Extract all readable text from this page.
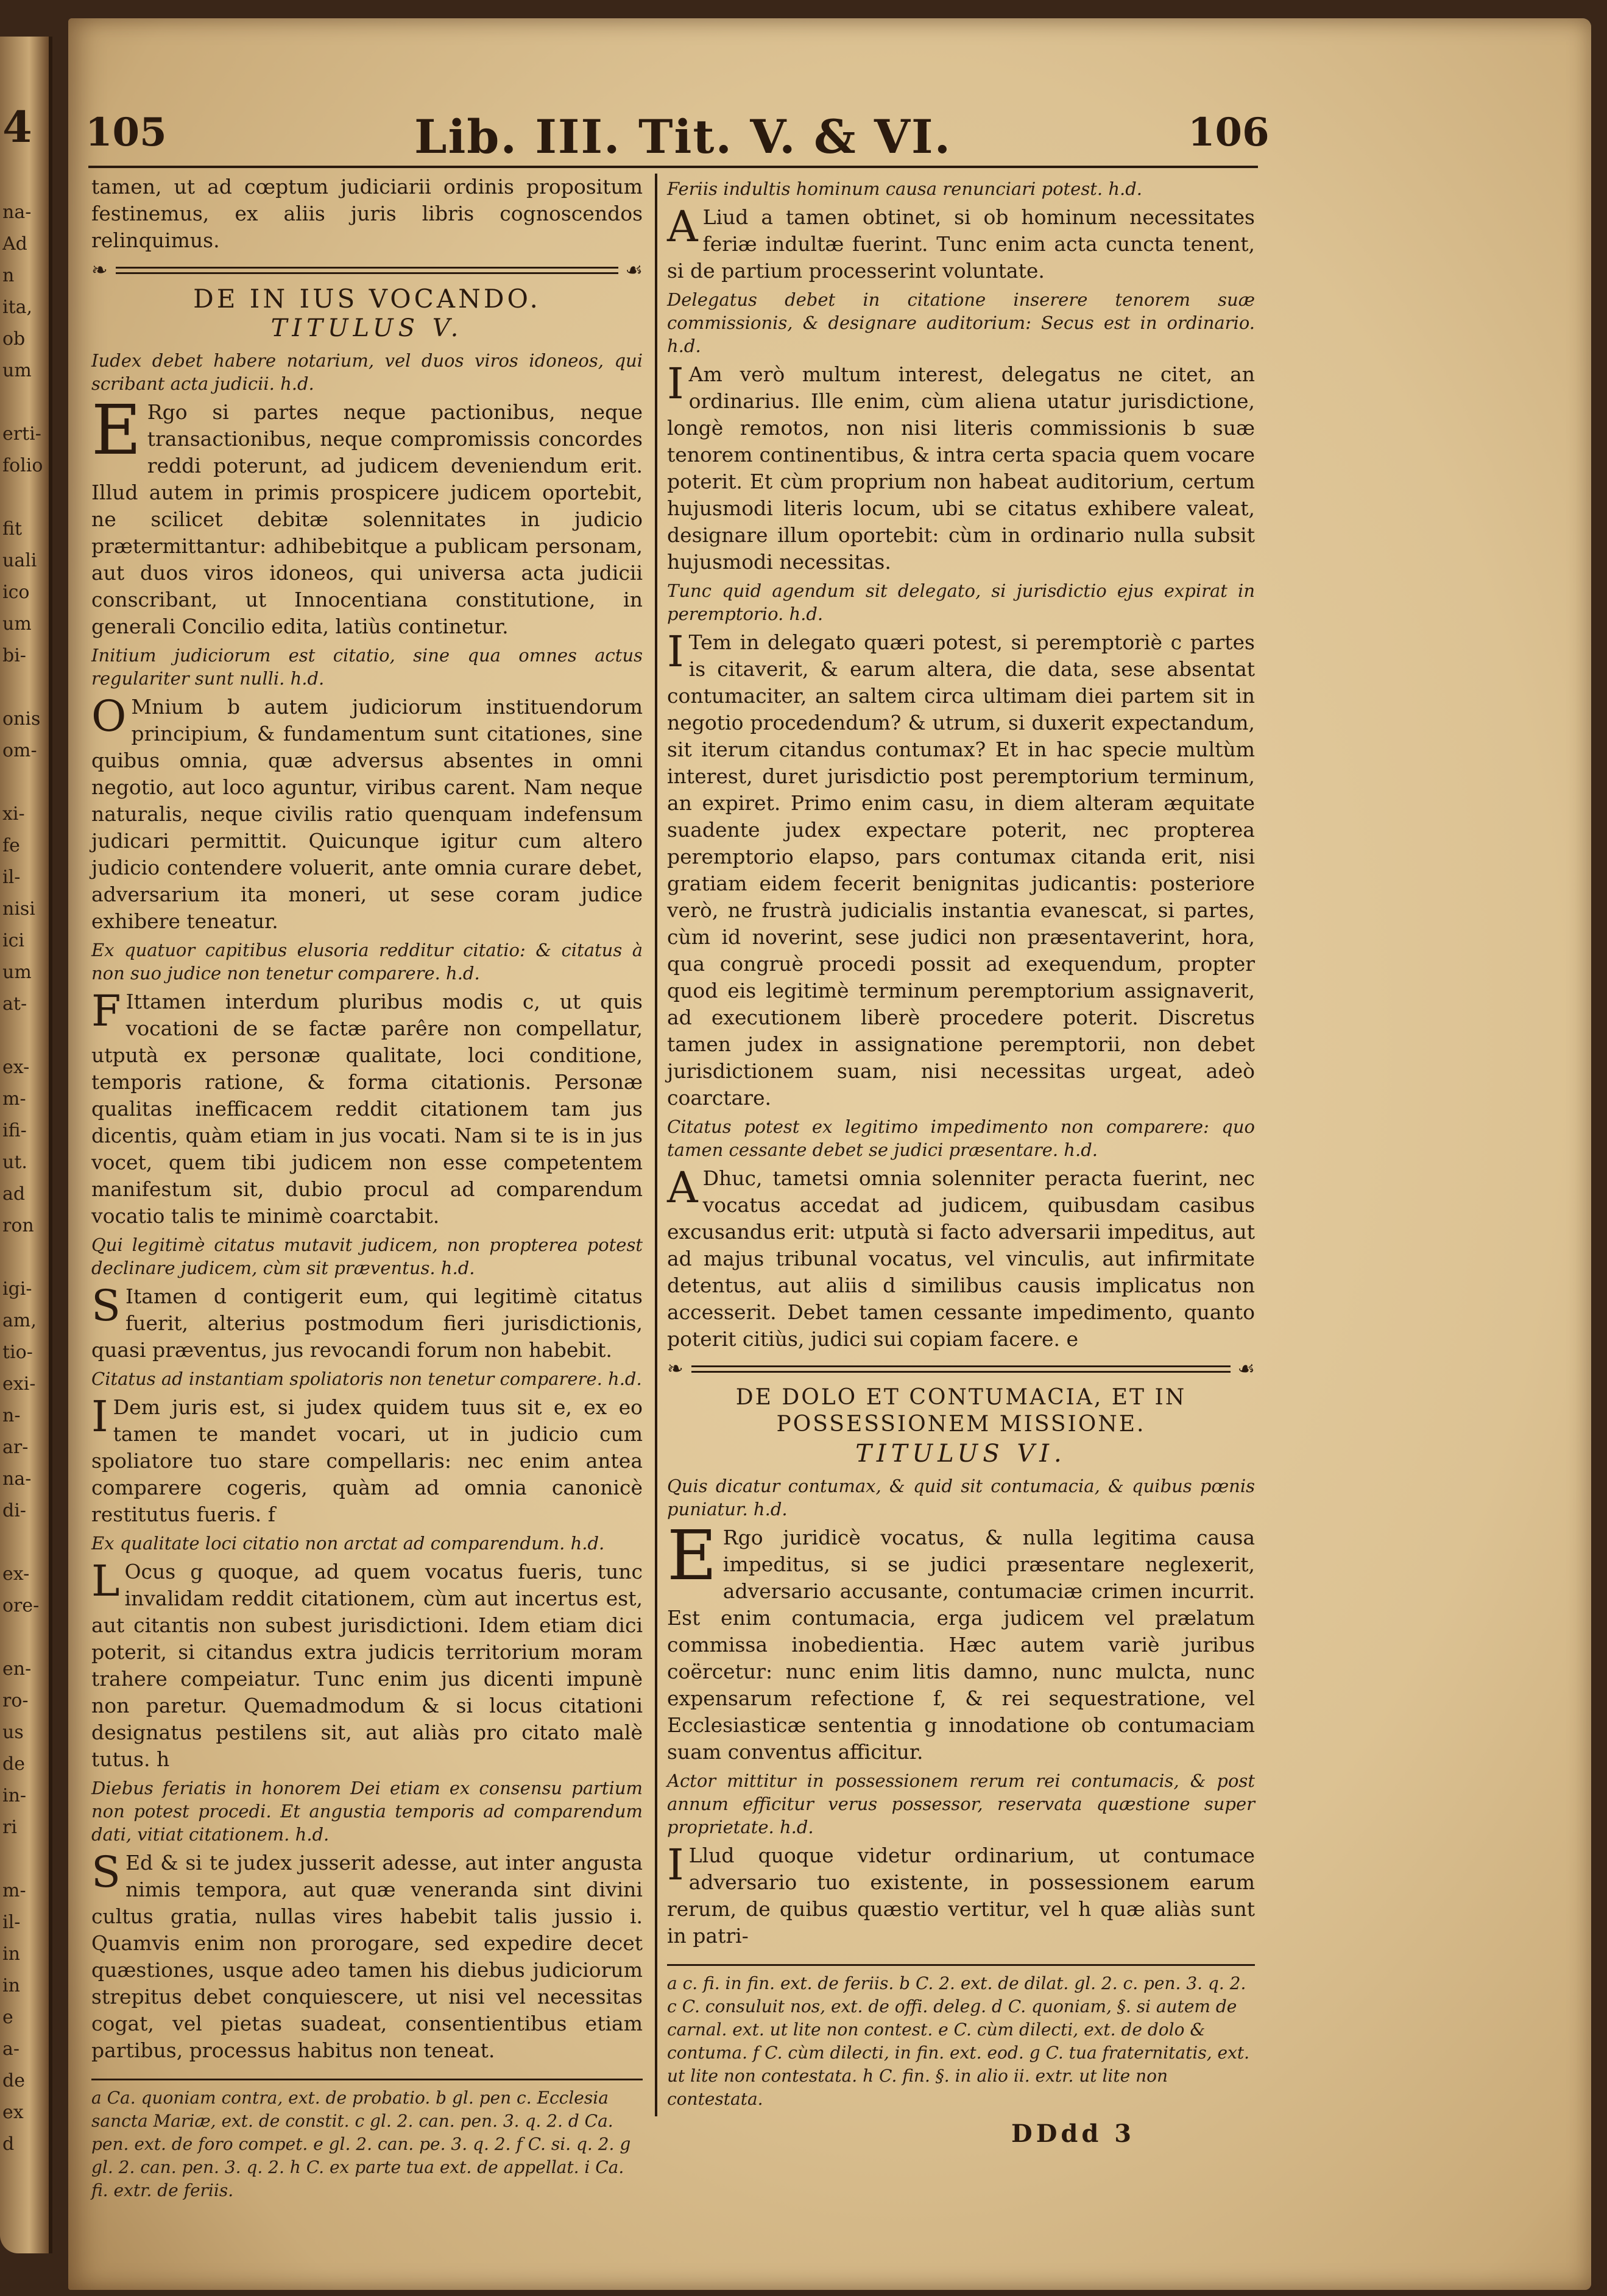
4
na-
Ad
n
ita,
ob
um
erti-
folio
fit
uali
ico
um
bi-
onis
om-
xi-
fe
il-
nisi
ici
um
at-
ex-
m-
ifi-
ut.
ad
ron
igi-
am,
tio-
exi-
n-
ar-
na-
di-
ex-
ore-
en-
ro-
us
de
in-
ri
m-
il-
in
in
e
a-
de
ex
d
105	Lib. III. Tit. V. & VI.	106

tamen, ut ad cœptum judiciarii ordinis propositum festinemus, ex aliis juris libris cognoscendos relinquimus.

❧	☙
DE IN IUS VOCANDO.
TITULUS V.

Iudex debet habere notarium, vel duos viros idoneos, qui scribant acta judicii. h.d.

E Rgo si partes neque pactionibus, neque transactionibus, neque compromissis concordes reddi poterunt, ad judicem deveniendum erit. Illud autem in primis prospicere judicem oportebit, ne scilicet debitæ solennitates in judicio prætermittantur: adhibebitque a publicam personam, aut duos viros idoneos, qui universa acta judicii conscribant, ut Innocentiana constitutione, in generali Concilio edita, latiùs continetur.

Initium judiciorum est citatio, sine qua omnes actus regulariter sunt nulli. h.d.

O Mnium b autem judiciorum instituendorum principium, & fundamentum sunt citationes, sine quibus omnia, quæ adversus absentes in omni negotio, aut loco aguntur, viribus carent. Nam neque naturalis, neque civilis ratio quenquam indefensum judicari permittit. Quicunque igitur cum altero judicio contendere voluerit, ante omnia curare debet, adversarium ita moneri, ut sese coram judice exhibere teneatur.

Ex quatuor capitibus elusoria redditur citatio: & citatus à non suo judice non tenetur comparere. h.d.

F Ittamen interdum pluribus modis c, ut quis vocationi de se factæ parêre non compellatur, utputà ex personæ qualitate, loci conditione, temporis ratione, & forma citationis. Personæ qualitas inefficacem reddit citationem tam jus dicentis, quàm etiam in jus vocati. Nam si te is in jus vocet, quem tibi judicem non esse competentem manifestum sit, dubio procul ad comparendum vocatio talis te minimè coarctabit.

Qui legitimè citatus mutavit judicem, non propterea potest declinare judicem, cùm sit præventus. h.d.

S Itamen d contigerit eum, qui legitimè citatus fuerit, alterius postmodum fieri jurisdictionis, quasi præventus, jus revocandi forum non habebit.

Citatus ad instantiam spoliatoris non tenetur comparere. h.d.

I Dem juris est, si judex quidem tuus sit e, ex eo tamen te mandet vocari, ut in judicio cum spoliatore tuo stare compellaris: nec enim antea comparere cogeris, quàm ad omnia canonicè restitutus fueris. f

Ex qualitate loci citatio non arctat ad comparendum. h.d.

L Ocus g quoque, ad quem vocatus fueris, tunc invalidam reddit citationem, cùm aut incertus est, aut citantis non subest jurisdictioni. Idem etiam dici poterit, si citandus extra judicis territorium moram trahere compeiatur. Tunc enim jus dicenti impunè non paretur. Quemadmodum & si locus citationi designatus pestilens sit, aut aliàs pro citato malè tutus. h

Diebus feriatis in honorem Dei etiam ex consensu partium non potest procedi. Et angustia temporis ad comparendum dati, vitiat citationem. h.d.

S Ed & si te judex jusserit adesse, aut inter angusta nimis tempora, aut quæ veneranda sint divini cultus gratia, nullas vires habebit talis jussio i. Quamvis enim non prorogare, sed expedire decet quæstiones, usque adeo tamen his diebus judiciorum strepitus debet conquiescere, ut nisi vel necessitas cogat, vel pietas suadeat, consentientibus etiam partibus, processus habitus non teneat.

a Ca. quoniam contra, ext. de probatio. b gl. pen c. Ecclesia sancta Mariæ, ext. de constit. c gl. 2. can. pen. 3. q. 2. d Ca. pen. ext. de foro compet. e gl. 2. can. pe. 3. q. 2. f C. si. q. 2. g gl. 2. can. pen. 3. q. 2. h C. ex parte tua ext. de appellat. i Ca. fi. extr. de feriis.

Feriis indultis hominum causa renunciari potest. h.d.

A Liud a tamen obtinet, si ob hominum necessitates feriæ indultæ fuerint. Tunc enim acta cuncta tenent, si de partium processerint voluntate.

Delegatus debet in citatione inserere tenorem suæ commissionis, & designare auditorium: Secus est in ordinario. h.d.

I Am verò multum interest, delegatus ne citet, an ordinarius. Ille enim, cùm aliena utatur jurisdictione, longè remotos, non nisi literis commissionis b suæ tenorem continentibus, & intra certa spacia quem vocare poterit. Et cùm proprium non habeat auditorium, certum hujusmodi literis locum, ubi se citatus exhibere valeat, designare illum oportebit: cùm in ordinario nulla subsit hujusmodi necessitas.

Tunc quid agendum sit delegato, si jurisdictio ejus expirat in peremptorio. h.d.

I Tem in delegato quæri potest, si peremptoriè c partes is citaverit, & earum altera, die data, sese absentat contumaciter, an saltem circa ultimam diei partem sit in negotio procedendum? & utrum, si duxerit expectandum, sit iterum citandus contumax? Et in hac specie multùm interest, duret jurisdictio post peremptorium terminum, an expiret. Primo enim casu, in diem alteram æquitate suadente judex expectare poterit, nec propterea peremptorio elapso, pars contumax citanda erit, nisi gratiam eidem fecerit benignitas judicantis: posteriore verò, ne frustrà judicialis instantia evanescat, si partes, cùm id noverint, sese judici non præsentaverint, hora, qua congruè procedi possit ad exequendum, propter quod eis legitimè terminum peremptorium assignaverit, ad executionem liberè procedere poterit. Discretus tamen judex in assignatione peremptorii, non debet jurisdictionem suam, nisi necessitas urgeat, adeò coarctare.

Citatus potest ex legitimo impedimento non comparere: quo tamen cessante debet se judici præsentare. h.d.

A Dhuc, tametsi omnia solenniter peracta fuerint, nec vocatus accedat ad judicem, quibusdam casibus excusandus erit: utputà si facto adversarii impeditus, aut ad majus tribunal vocatus, vel vinculis, aut infirmitate detentus, aut aliis d similibus causis implicatus non accesserit. Debet tamen cessante impedimento, quanto poterit citiùs, judici sui copiam facere. e

❧	☙
DE DOLO ET CONTUMACIA, ET IN POSSESSIONEM MISSIONE.
TITULUS VI.

Quis dicatur contumax, & quid sit contumacia, & quibus pœnis puniatur. h.d.

E Rgo juridicè vocatus, & nulla legitima causa impeditus, si se judici præsentare neglexerit, adversario accusante, contumaciæ crimen incurrit. Est enim contumacia, erga judicem vel prælatum commissa inobedientia. Hæc autem variè juribus coërcetur: nunc enim litis damno, nunc mulcta, nunc expensarum refectione f, & rei sequestratione, vel Ecclesiasticæ sententia g innodatione ob contumaciam suam conventus afficitur.

Actor mittitur in possessionem rerum rei contumacis, & post annum efficitur verus possessor, reservata quæstione super proprietate. h.d.

I Llud quoque videtur ordinarium, ut contumace adversario tuo existente, in possessionem earum rerum, de quibus quæstio vertitur, vel h quæ aliàs sunt in patri-

a c. fi. in fin. ext. de feriis. b C. 2. ext. de dilat. gl. 2. c. pen. 3. q. 2. c C. consuluit nos, ext. de offi. deleg. d C. quoniam, §. si autem de carnal. ext. ut lite non contest. e C. cùm dilecti, ext. de dolo & contuma. f C. cùm dilecti, in fin. ext. eod. g C. tua fraternitatis, ext. ut lite non contestata. h C. fin. §. in alio ii. extr. ut lite non contestata.
DDdd 3
